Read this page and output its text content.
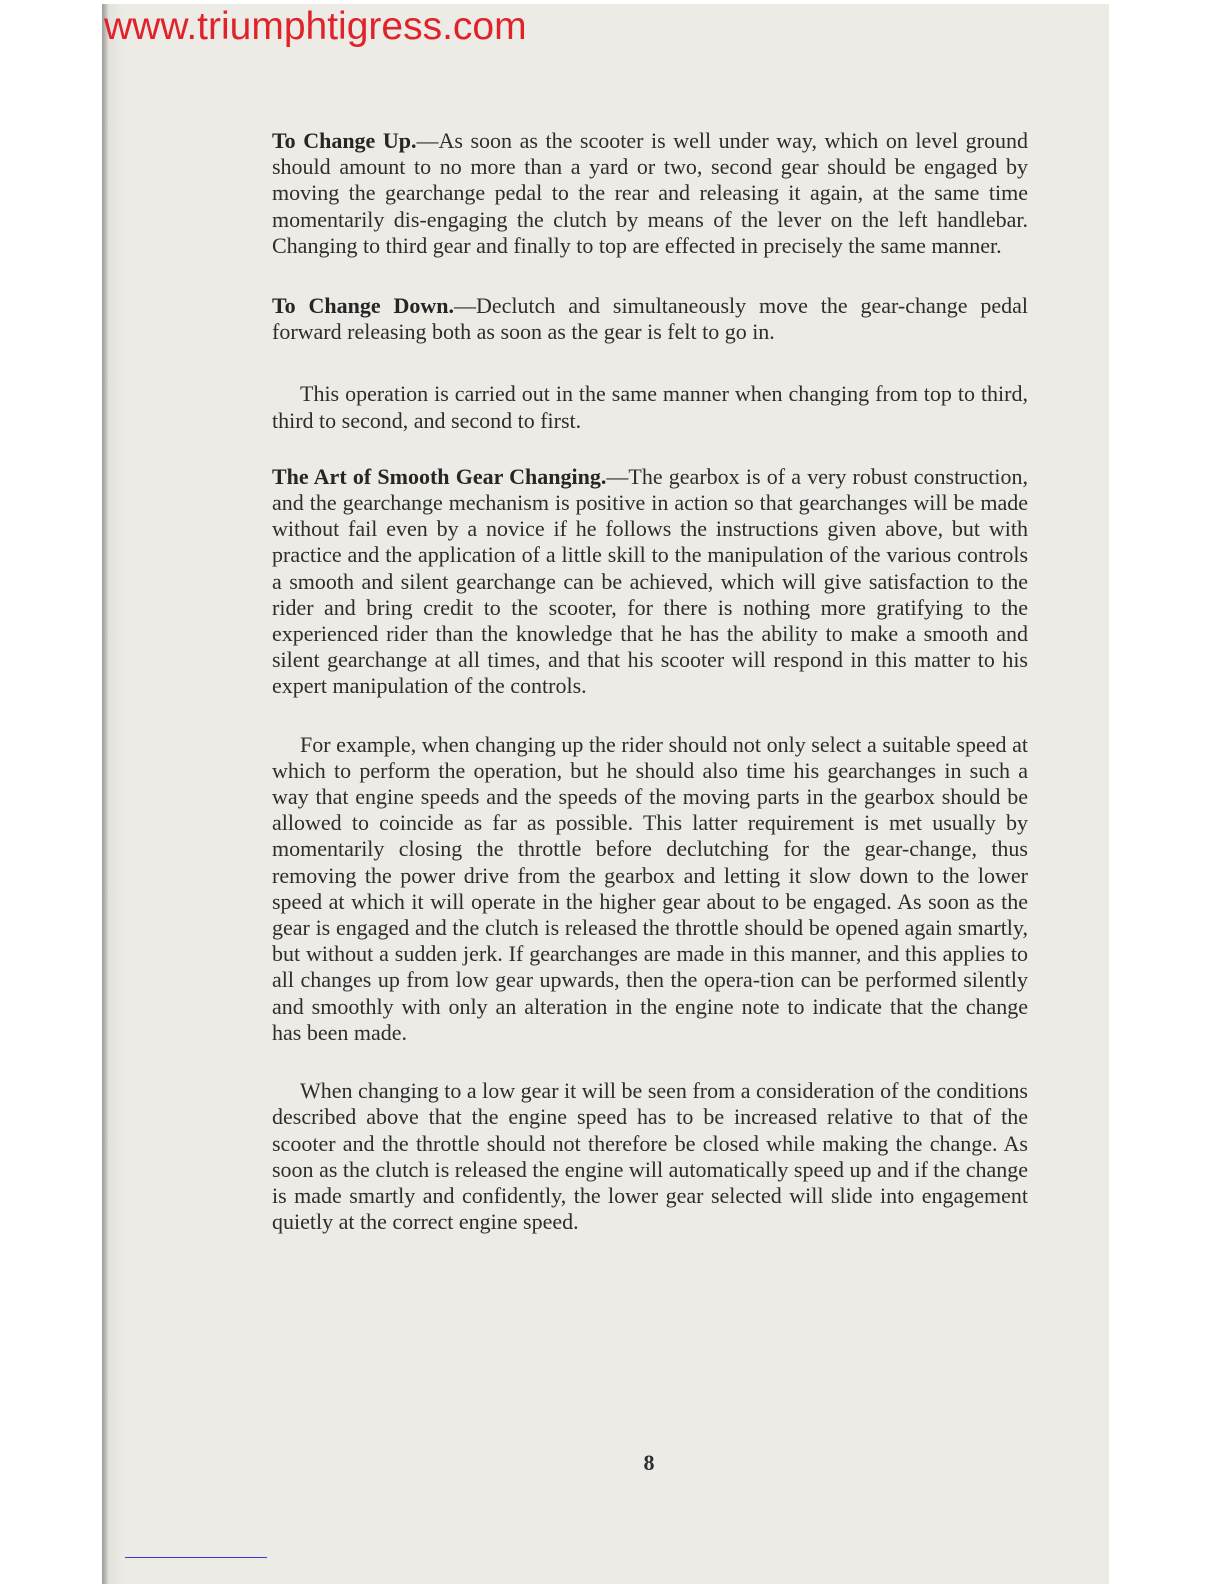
www.triumphtigress.com

To Change Up.—As soon as the scooter is well under way, which on level ground should amount to no more than a yard or two, second gear should be engaged by moving the gearchange pedal to the rear and releasing it again, at the same time momentarily dis-engaging the clutch by means of the lever on the left handlebar. Changing to third gear and finally to top are effected in precisely the same manner.

To Change Down.—Declutch and simultaneously move the gear-change pedal forward releasing both as soon as the gear is felt to go in.

This operation is carried out in the same manner when changing from top to third, third to second, and second to first.

The Art of Smooth Gear Changing.—The gearbox is of a very robust construction, and the gearchange mechanism is positive in action so that gearchanges will be made without fail even by a novice if he follows the instructions given above, but with practice and the application of a little skill to the manipulation of the various controls a smooth and silent gearchange can be achieved, which will give satisfaction to the rider and bring credit to the scooter, for there is nothing more gratifying to the experienced rider than the knowledge that he has the ability to make a smooth and silent gearchange at all times, and that his scooter will respond in this matter to his expert manipulation of the controls.

For example, when changing up the rider should not only select a suitable speed at which to perform the operation, but he should also time his gearchanges in such a way that engine speeds and the speeds of the moving parts in the gearbox should be allowed to coincide as far as possible. This latter requirement is met usually by momentarily closing the throttle before declutching for the gear-change, thus removing the power drive from the gearbox and letting it slow down to the lower speed at which it will operate in the higher gear about to be engaged. As soon as the gear is engaged and the clutch is released the throttle should be opened again smartly, but without a sudden jerk. If gearchanges are made in this manner, and this applies to all changes up from low gear upwards, then the opera-tion can be performed silently and smoothly with only an alteration in the engine note to indicate that the change has been made.

When changing to a low gear it will be seen from a consideration of the conditions described above that the engine speed has to be increased relative to that of the scooter and the throttle should not therefore be closed while making the change. As soon as the clutch is released the engine will automatically speed up and if the change is made smartly and confidently, the lower gear selected will slide into engagement quietly at the correct engine speed.

8
